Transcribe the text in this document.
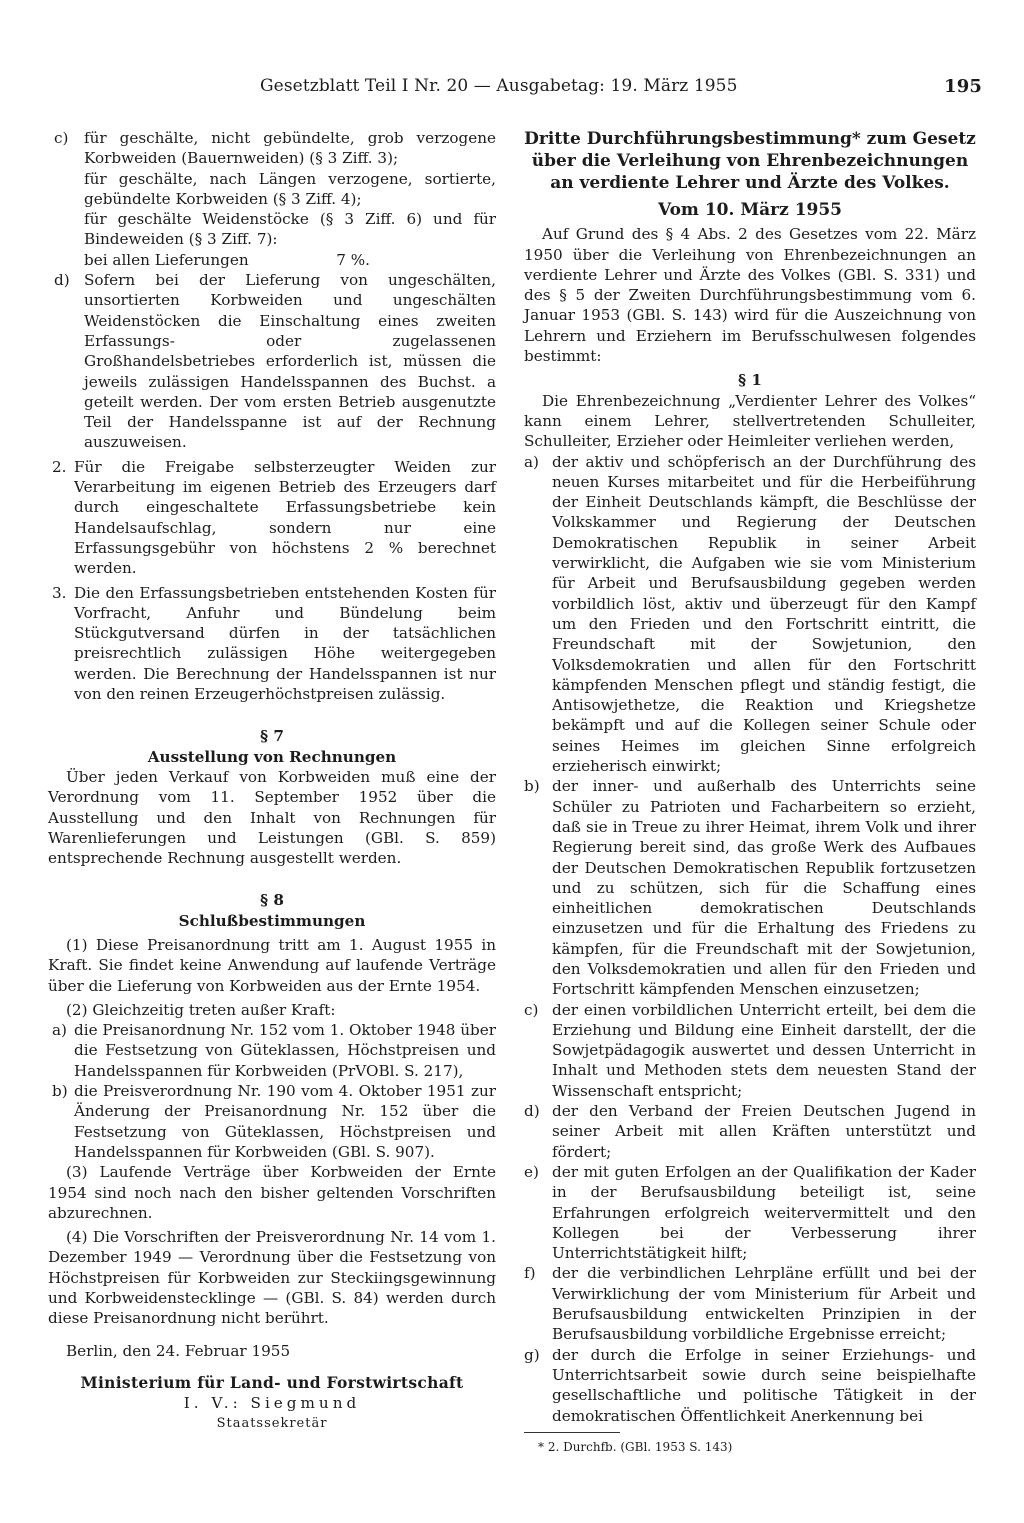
Gesetzblatt Teil I Nr. 20 — Ausgabetag: 19. März 1955	195
c)	für geschälte, nicht gebündelte, grob verzogene Korbweiden (Bauernweiden) (§ 3 Ziff. 3);

für geschälte, nach Längen verzogene, sortierte, gebündelte Korbweiden (§ 3 Ziff. 4);

für geschälte Weidenstöcke (§ 3 Ziff. 6) und für Bindeweiden (§ 3 Ziff. 7):

bei allen Lieferungen	7 %.
d) Sofern bei der Lieferung von ungeschälten, unsortierten Korbweiden und ungeschälten Weidenstöcken die Einschaltung eines zweiten Erfassungs- oder zugelassenen Großhandelsbetriebes erforderlich ist, müssen die jeweils zulässigen Handelsspannen des Buchst. a geteilt werden. Der vom ersten Betrieb ausgenutzte Teil der Handelsspanne ist auf der Rechnung auszuweisen.

2. Für die Freigabe selbsterzeugter Weiden zur Verarbeitung im eigenen Betrieb des Erzeugers darf durch eingeschaltete Erfassungsbetriebe kein Handelsaufschlag, sondern nur eine Erfassungsgebühr von höchstens 2 % berechnet werden.

3. Die den Erfassungsbetrieben entstehenden Kosten für Vorfracht, Anfuhr und Bündelung beim Stückgutversand dürfen in der tatsächlichen preisrechtlich zulässigen Höhe weitergegeben werden. Die Berechnung der Handelsspannen ist nur von den reinen Erzeugerhöchstpreisen zulässig.

§ 7
Ausstellung von Rechnungen

Über jeden Verkauf von Korbweiden muß eine der Verordnung vom 11. September 1952 über die Ausstellung und den Inhalt von Rechnungen für Warenlieferungen und Leistungen (GBl. S. 859) entsprechende Rechnung ausgestellt werden.

§ 8
Schlußbestimmungen

(1) Diese Preisanordnung tritt am 1. August 1955 in Kraft. Sie findet keine Anwendung auf laufende Verträge über die Lieferung von Korbweiden aus der Ernte 1954.

(2) Gleichzeitig treten außer Kraft:

a) die Preisanordnung Nr. 152 vom 1. Oktober 1948 über die Festsetzung von Güteklassen, Höchstpreisen und Handelsspannen für Korbweiden (PrVOBl. S. 217),

b) die Preisverordnung Nr. 190 vom 4. Oktober 1951 zur Änderung der Preisanordnung Nr. 152 über die Festsetzung von Güteklassen, Höchstpreisen und Handelsspannen für Korbweiden (GBl. S. 907).

(3) Laufende Verträge über Korbweiden der Ernte 1954 sind noch nach den bisher geltenden Vorschriften abzurechnen.

(4) Die Vorschriften der Preisverordnung Nr. 14 vom 1. Dezember 1949 — Verordnung über die Festsetzung von Höchstpreisen für Korbweiden zur Steckiingsgewinnung und Korbweidenstecklinge — (GBl. S. 84) werden durch diese Preisanordnung nicht berührt.

Berlin, den 24. Februar 1955

Ministerium für Land- und Forstwirtschaft
I. V.: Siegmund
Staatssekretär
Dritte Durchführungsbestimmung* zum Gesetz über die Verleihung von Ehrenbezeichnungen an verdiente Lehrer und Ärzte des Volkes.
Vom 10. März 1955

Auf Grund des § 4 Abs. 2 des Gesetzes vom 22. März 1950 über die Verleihung von Ehrenbezeichnungen an verdiente Lehrer und Ärzte des Volkes (GBl. S. 331) und des § 5 der Zweiten Durchführungsbestimmung vom 6. Januar 1953 (GBl. S. 143) wird für die Auszeichnung von Lehrern und Erziehern im Berufsschulwesen folgendes bestimmt:

§ 1

Die Ehrenbezeichnung „Verdienter Lehrer des Volkes“ kann einem Lehrer, stellvertretenden Schulleiter, Schulleiter, Erzieher oder Heimleiter verliehen werden,

a) der aktiv und schöpferisch an der Durchführung des neuen Kurses mitarbeitet und für die Herbeiführung der Einheit Deutschlands kämpft, die Beschlüsse der Volkskammer und Regierung der Deutschen Demokratischen Republik in seiner Arbeit verwirklicht, die Aufgaben wie sie vom Ministerium für Arbeit und Berufsausbildung gegeben werden vorbildlich löst, aktiv und überzeugt für den Kampf um den Frieden und den Fortschritt eintritt, die Freundschaft mit der Sowjetunion, den Volksdemokratien und allen für den Fortschritt kämpfenden Menschen pflegt und ständig festigt, die Antisowjethetze, die Reaktion und Kriegshetze bekämpft und auf die Kollegen seiner Schule oder seines Heimes im gleichen Sinne erfolgreich erzieherisch einwirkt;

b) der inner- und außerhalb des Unterrichts seine Schüler zu Patrioten und Facharbeitern so erzieht, daß sie in Treue zu ihrer Heimat, ihrem Volk und ihrer Regierung bereit sind, das große Werk des Aufbaues der Deutschen Demokratischen Republik fortzusetzen und zu schützen, sich für die Schaffung eines einheitlichen demokratischen Deutschlands einzusetzen und für die Erhaltung des Friedens zu kämpfen, für die Freundschaft mit der Sowjetunion, den Volksdemokratien und allen für den Frieden und Fortschritt kämpfenden Menschen einzusetzen;

c) der einen vorbildlichen Unterricht erteilt, bei dem die Erziehung und Bildung eine Einheit darstellt, der die Sowjetpädagogik auswertet und dessen Unterricht in Inhalt und Methoden stets dem neuesten Stand der Wissenschaft entspricht;

d) der den Verband der Freien Deutschen Jugend in seiner Arbeit mit allen Kräften unterstützt und fördert;

e) der mit guten Erfolgen an der Qualifikation der Kader in der Berufsausbildung beteiligt ist, seine Erfahrungen erfolgreich weitervermittelt und den Kollegen bei der Verbesserung ihrer Unterrichtstätigkeit hilft;

f)	der die verbindlichen Lehrpläne erfüllt und bei der Verwirklichung der vom Ministerium für Arbeit und Berufsausbildung entwickelten Prinzipien in der Berufsausbildung vorbildliche Ergebnisse erreicht;

g) der durch die Erfolge in seiner Erziehungs- und Unterrichtsarbeit sowie durch seine beispielhafte gesellschaftliche und politische Tätigkeit in der demokratischen Öffentlichkeit Anerkennung bei

* 2. Durchfb. (GBl. 1953 S. 143)
